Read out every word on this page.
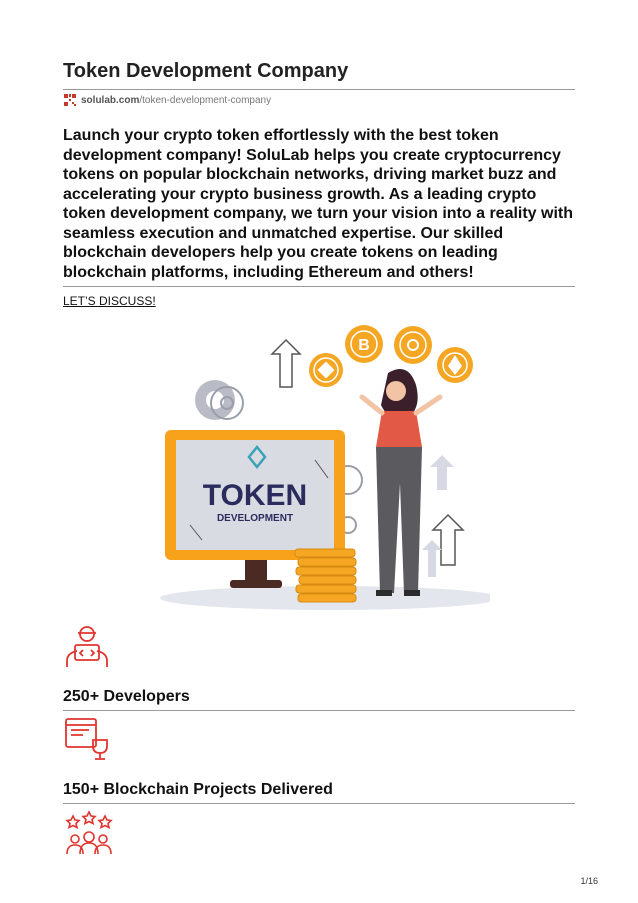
Token Development Company
solulab.com/token-development-company

Launch your crypto token effortlessly with the best token development company! SoluLab helps you create cryptocurrency tokens on popular blockchain networks, driving market buzz and accelerating your crypto business growth. As a leading crypto token development company, we turn your vision into a reality with seamless execution and unmatched expertise. Our skilled blockchain developers help you create tokens on leading blockchain platforms, including Ethereum and others!

LET’S DISCUSS!
B
TOKEN
DEVELOPMENT
250+ Developers
150+ Blockchain Projects Delivered
1/16
